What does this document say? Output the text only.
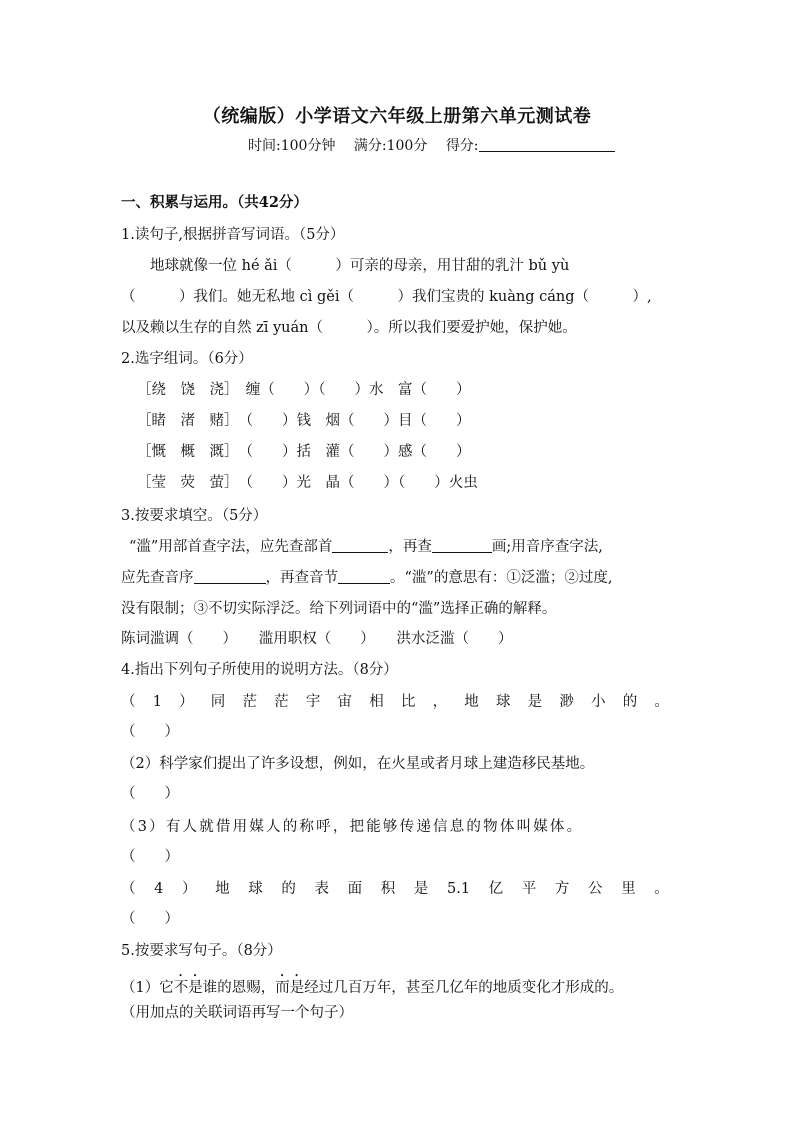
（统编版）小学语文六年级上册第六单元测试卷
时间:100分钟 满分:100分 得分:
一、积累与运用。（共42分）
1.读句子,根据拼音写词语。（5分）
地球就像一位 hé ǎi（　　　）可亲的母亲，用甘甜的乳汁 bǔ yù
（　　　）我们。她无私地 cì gěi（　　　）我们宝贵的 kuàng cáng（　　　）,
以及赖以生存的自然 zī yuán（　　　）。所以我们要爱护她，保护她。
2.选字组词。（6分）
［绕　饶　浇］　缠（　　）（　　）水　富（　　）
［睹　渚　赌］　（　　）钱　烟（　　）目（　　）
［慨　概　溉］　（　　）括　灌（　　）感（　　）
［莹　荧　萤］　（　　）光　晶（　　）（　　）火虫
3.按要求填空。（5分）
“滥”用部首查字法，应先查部首	，再查	画;用音序查字法,
应先查音序	，再查音节	。“滥”的意思有：①泛滥；②过度,
没有限制；③不切实际浮泛。给下列词语中的“滥”选择正确的解释。
陈词滥调（　　）　　滥用职权（　　）　　洪水泛滥（　　）
4.指出下列句子所使用的说明方法。（8分）
（ 1 ） 同 茫 茫 宇 宙 相 比 ， 地 球 是 渺 小 的 。
（　　）
（2）科学家们提出了许多设想，例如，在火星或者月球上建造移民基地。
（　　）
（3）有人就借用媒人的称呼，把能够传递信息的物体叫媒体。
（　　）
（ 4 ） 地 球 的 表 面 积 是 5.1 亿 平 方 公 里 。
（　　）
5.按要求写句子。（8分）
（1）它不是谁的恩赐，而是经过几百万年，甚至几亿年的地质变化才形成的。
（用加点的关联词语再写一个句子）
